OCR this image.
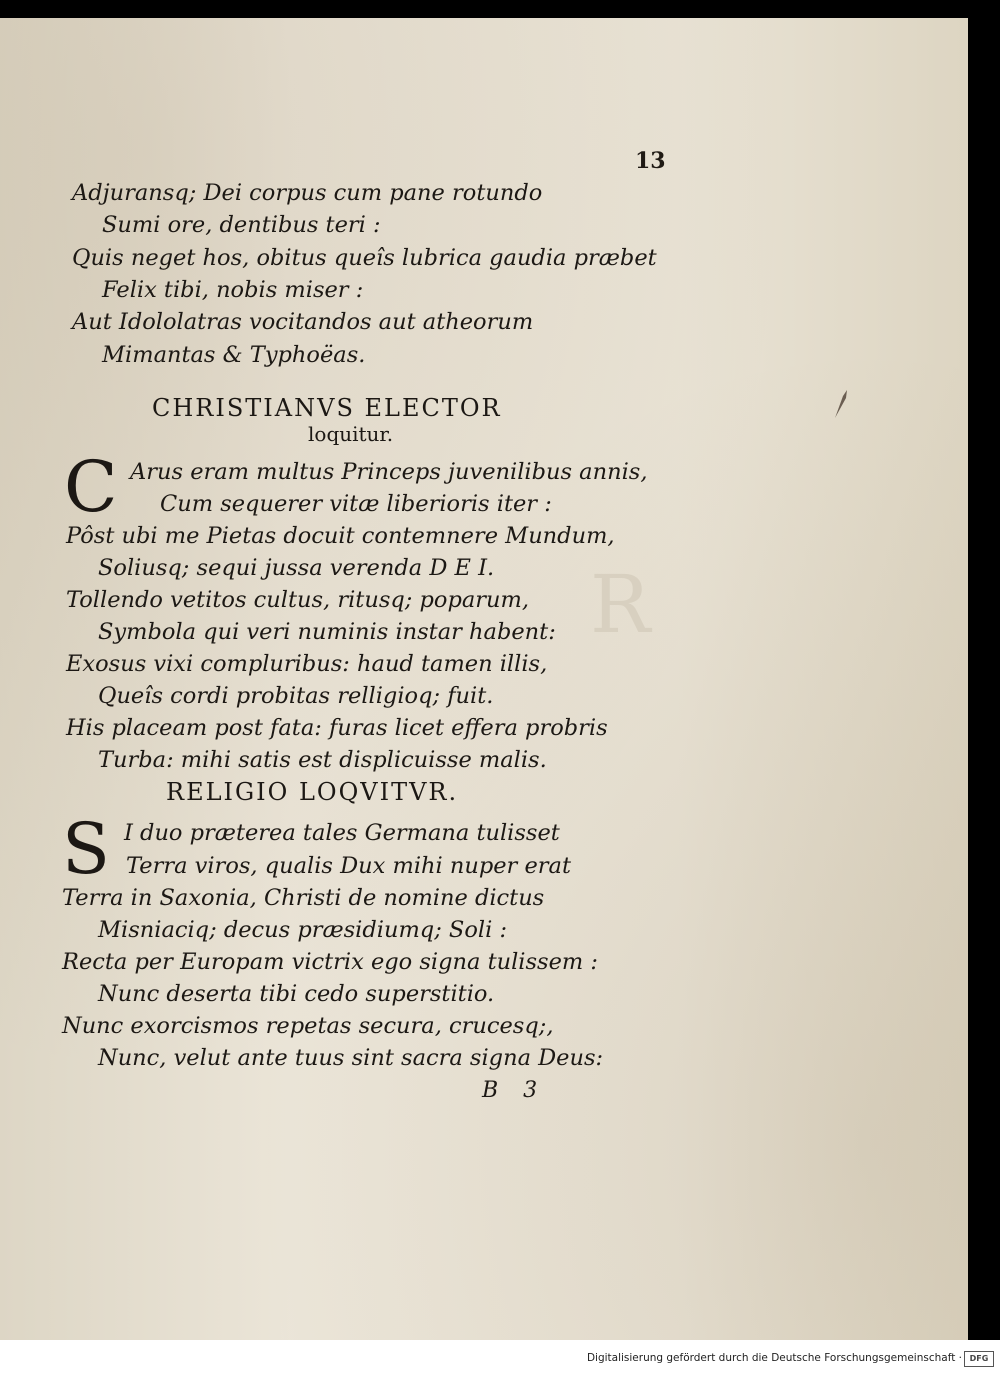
R
13
Adjuransq; Dei corpus cum pane rotundo
Sumi ore, dentibus teri :
Quis neget hos, obitus queîs lubrica gaudia præbet
Felix tibi, nobis miser :
Aut Idololatras vocitandos aut atheorum
Mimantas & Typhoëas.
CHRISTIANVS ELECTOR
loquitur.
C Arus eram multus Princeps juvenilibus annis,
Cum sequerer vitæ liberioris iter :
Pôst ubi me Pietas docuit contemnere Mundum,
Soliusq; sequi jussa verenda D E I.
Tollendo vetitos cultus, ritusq; poparum,
Symbola qui veri numinis instar habent:
Exosus vixi compluribus: haud tamen illis,
Queîs cordi probitas relligioq; fuit.
His placeam post fata: furas licet effera probris
Turba: mihi satis est displicuisse malis.
RELIGIO LOQVITVR.
S I duo præterea tales Germana tulisset
Terra viros, qualis Dux mihi nuper erat
Terra in Saxonia, Christi de nomine dictus
Misniaciq; decus præsidiumq; Soli :
Recta per Europam victrix ego signa tulissem :
Nunc deserta tibi cedo superstitio.
Nunc exorcismos repetas secura, crucesq;,
Nunc, velut ante tuus sint sacra signa Deus:
B 3
Digitalisierung gefördert durch die Deutsche Forschungsgemeinschaft · DFG
